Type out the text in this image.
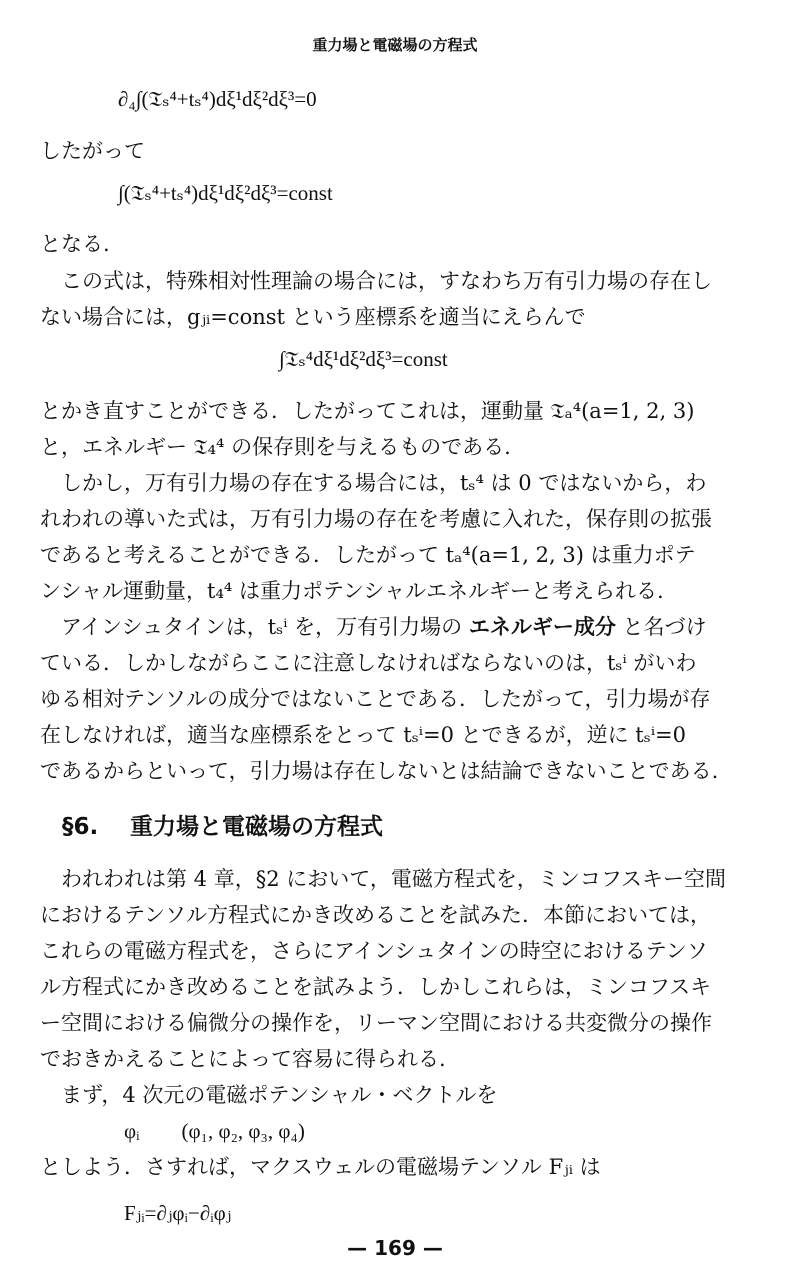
重力場と電磁場の方程式
∂₄∫(𝔗ₛ⁴+tₛ⁴)dξ¹dξ²dξ³=0
したがって
∫(𝔗ₛ⁴+tₛ⁴)dξ¹dξ²dξ³=const
となる.
この式は，特殊相対性理論の場合には，すなわち万有引力場の存在し
ない場合には，gⱼᵢ=const という座標系を適当にえらんで
∫𝔗ₛ⁴dξ¹dξ²dξ³=const
とかき直すことができる．したがってこれは，運動量 𝔗ₐ⁴(a=1, 2, 3)
と，エネルギー 𝔗₄⁴ の保存則を与えるものである.
しかし，万有引力場の存在する場合には，tₛ⁴ は 0 ではないから，わ
れわれの導いた式は，万有引力場の存在を考慮に入れた，保存則の拡張
であると考えることができる．したがって tₐ⁴(a=1, 2, 3) は重力ポテ
ンシャル運動量，t₄⁴ は重力ポテンシャルエネルギーと考えられる.
アインシュタインは，tₛⁱ を，万有引力場の エネルギー成分 と名づけ
ている．しかしながらここに注意しなければならないのは，tₛⁱ がいわ
ゆる相対テンソルの成分ではないことである．したがって，引力場が存
在しなければ，適当な座標系をとって tₛⁱ=0 とできるが，逆に tₛⁱ=0
であるからといって，引力場は存在しないとは結論できないことである.
§6. 重力場と電磁場の方程式
われわれは第 4 章，§2 において，電磁方程式を，ミンコフスキー空間
におけるテンソル方程式にかき改めることを試みた．本節においては，
これらの電磁方程式を，さらにアインシュタインの時空におけるテンソ
ル方程式にかき改めることを試みよう．しかしこれらは，ミンコフスキ
ー空間における偏微分の操作を，リーマン空間における共変微分の操作
でおきかえることによって容易に得られる.
まず，4 次元の電磁ポテンシャル・ベクトルを
φᵢ　　(φ₁, φ₂, φ₃, φ₄)
としよう．さすれば，マクスウェルの電磁場テンソル Fⱼᵢ は
Fⱼᵢ=∂ⱼφᵢ−∂ᵢφⱼ
— 169 —
